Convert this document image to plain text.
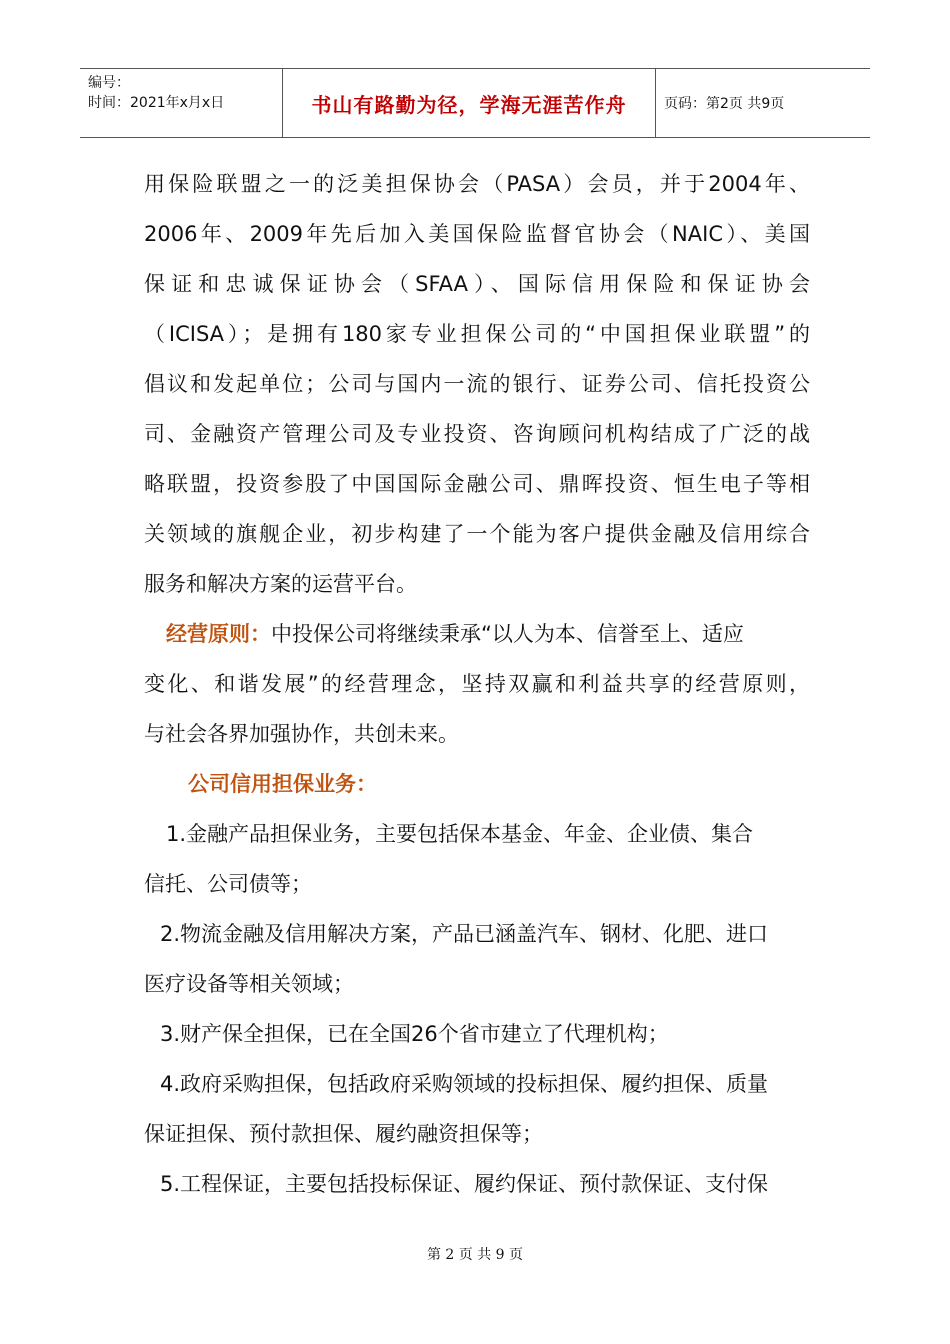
编号：
时间：2021年x月x日	书山有路勤为径，学海无涯苦作舟	页码：第2页 共9页
用保险联盟之一的泛美担保协会（PASA）会员，并于2004年、
2006年、2009年先后加入美国保险监督官协会（NAIC）、美国
保证和忠诚保证协会（SFAA）、国际信用保险和保证协会
（ICISA）；是拥有180家专业担保公司的“中国担保业联盟”的
倡议和发起单位；公司与国内一流的银行、证券公司、信托投资公
司、金融资产管理公司及专业投资、咨询顾问机构结成了广泛的战
略联盟，投资参股了中国国际金融公司、鼎晖投资、恒生电子等相
关领域的旗舰企业，初步构建了一个能为客户提供金融及信用综合
服务和解决方案的运营平台。
经营原则：中投保公司将继续秉承“以人为本、信誉至上、适应
变化、和谐发展”的经营理念，坚持双赢和利益共享的经营原则，
与社会各界加强协作，共创未来。
公司信用担保业务：
1.金融产品担保业务，主要包括保本基金、年金、企业债、集合
信托、公司债等；
2.物流金融及信用解决方案，产品已涵盖汽车、钢材、化肥、进口
医疗设备等相关领域；
3.财产保全担保，已在全国26个省市建立了代理机构；
4.政府采购担保，包括政府采购领域的投标担保、履约担保、质量
保证担保、预付款担保、履约融资担保等；
5.工程保证，主要包括投标保证、履约保证、预付款保证、支付保
第 2 页 共 9 页
